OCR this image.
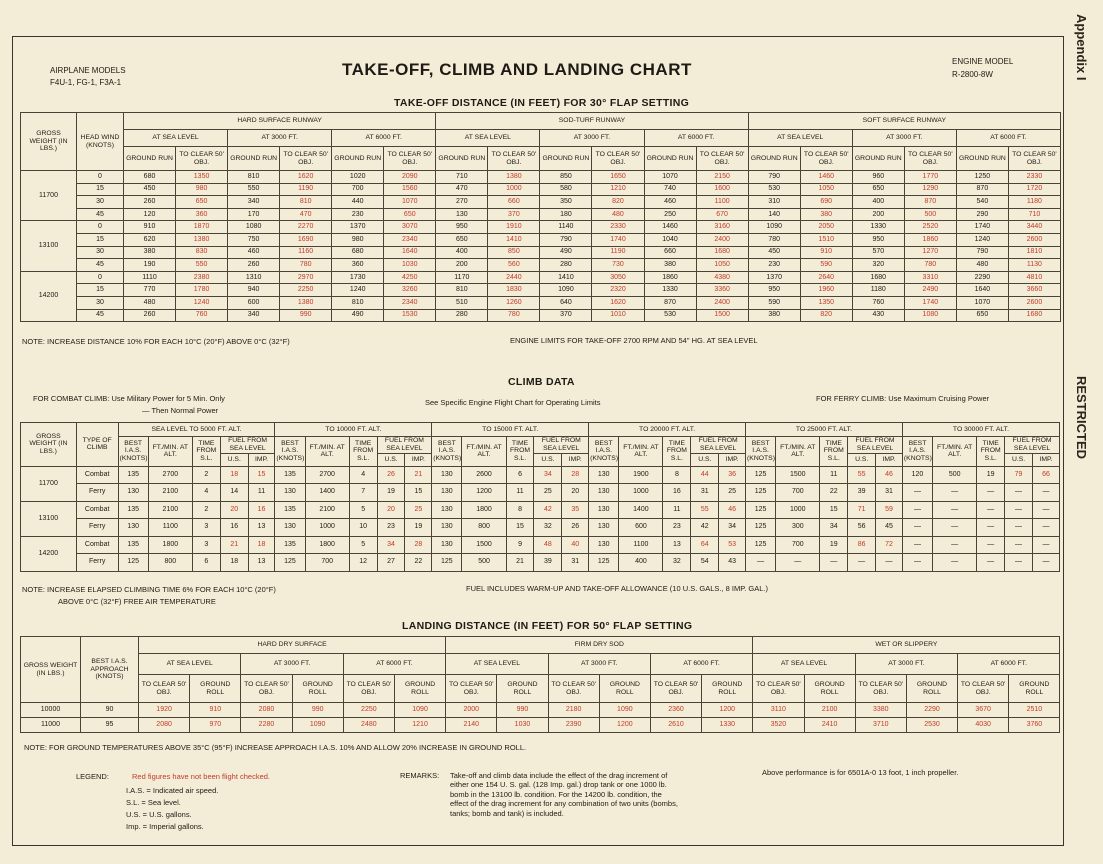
Appendix I
RESTRICTED
AIRPLANE MODELS
F4U-1, FG-1, F3A-1
TAKE-OFF, CLIMB AND LANDING CHART	ENGINE MODEL
R-2800-8W
TAKE-OFF DISTANCE (IN FEET) FOR 30° FLAP SETTING
GROSS WEIGHT (IN LBS.)	HEAD WIND (KNOTS)	HARD SURFACE RUNWAY						SOD-TURF RUNWAY						SOFT SURFACE RUNWAY					
		AT SEA LEVEL		AT 3000 FT.		AT 6000 FT.		AT SEA LEVEL		AT 3000 FT.		AT 6000 FT.		AT SEA LEVEL		AT 3000 FT.		AT 6000 FT.	
		GROUND RUN	TO CLEAR 50' OBJ.	GROUND RUN	TO CLEAR 50' OBJ.	GROUND RUN	TO CLEAR 50' OBJ.	GROUND RUN	TO CLEAR 50' OBJ.	GROUND RUN	TO CLEAR 50' OBJ.	GROUND RUN	TO CLEAR 50' OBJ.	GROUND RUN	TO CLEAR 50' OBJ.	GROUND RUN	TO CLEAR 50' OBJ.	GROUND RUN	TO CLEAR 50' OBJ.
11700	0	680	1350	810	1620	1020	2090	710	1380	850	1650	1070	2150	790	1460	960	1770	1250	2330
	15	450	980	550	1190	700	1560	470	1000	580	1210	740	1600	530	1050	650	1290	870	1720
	30	260	650	340	810	440	1070	270	660	350	820	460	1100	310	690	400	870	540	1180
	45	120	360	170	470	230	650	130	370	180	480	250	670	140	380	200	500	290	710
13100	0	910	1870	1080	2270	1370	3070	950	1910	1140	2330	1460	3160	1090	2050	1330	2520	1740	3440
	15	620	1380	750	1690	980	2340	650	1410	790	1740	1040	2400	780	1510	950	1860	1240	2600
	30	380	830	460	1160	680	1640	400	850	490	1190	660	1680	450	910	570	1270	790	1810
	45	190	550	260	780	360	1030	200	560	280	730	380	1050	230	590	320	780	480	1130
14200	0	1110	2380	1310	2970	1730	4250	1170	2440	1410	3050	1860	4380	1370	2640	1680	3310	2290	4810
	15	770	1780	940	2250	1240	3260	810	1830	1090	2320	1330	3360	950	1960	1180	2490	1640	3660
	30	480	1240	600	1380	810	2340	510	1260	640	1620	870	2400	590	1350	760	1740	1070	2600
	45	260	760	340	990	490	1530	280	780	370	1010	530	1500	380	820	430	1080	650	1680
NOTE: INCREASE DISTANCE 10% FOR EACH 10°C (20°F) ABOVE 0°C (32°F)	ENGINE LIMITS FOR TAKE-OFF 2700 RPM AND 54" HG. AT SEA LEVEL
CLIMB DATA
FOR COMBAT CLIMB: Use Military Power for 5 Min. Only
— Then Normal Power
See Specific Engine Flight Chart for Operating Limits	FOR FERRY CLIMB: Use Maximum Cruising Power
GROSS WEIGHT (IN LBS.)	TYPE OF CLIMB	SEA LEVEL TO 5000 FT. ALT.					TO 10000 FT. ALT.					TO 15000 FT. ALT.					TO 20000 FT. ALT.					TO 25000 FT. ALT.					TO 30000 FT. ALT.				
		BEST I.A.S. (KNOTS)	FT./MIN. AT ALT.	TIME FROM S.L.	FUEL FROM SEA LEVEL		BEST I.A.S. (KNOTS)	FT./MIN. AT ALT.	TIME FROM S.L.	FUEL FROM SEA LEVEL		BEST I.A.S. (KNOTS)	FT./MIN. AT ALT.	TIME FROM S.L.	FUEL FROM SEA LEVEL		BEST I.A.S. (KNOTS)	FT./MIN. AT ALT.	TIME FROM S.L.	FUEL FROM SEA LEVEL		BEST I.A.S. (KNOTS)	FT./MIN. AT ALT.	TIME FROM S.L.	FUEL FROM SEA LEVEL		BEST I.A.S. (KNOTS)	FT./MIN. AT ALT.	TIME FROM S.L.	FUEL FROM SEA LEVEL	
					U.S.	IMP.				U.S.	IMP.				U.S.	IMP.				U.S.	IMP.				U.S.	IMP.				U.S.	IMP.
11700	Combat	135	2700	2	18	15	135	2700	4	26	21	130	2600	6	34	28	130	1900	8	44	36	125	1500	11	55	46	120	500	19	79	66
	Ferry	130	2100	4	14	11	130	1400	7	19	15	130	1200	11	25	20	130	1000	16	31	25	125	700	22	39	31	—	—	—	—	—
13100	Combat	135	2100	2	20	16	135	2100	5	20	25	130	1800	8	42	35	130	1400	11	55	46	125	1000	15	71	59	—	—	—	—	—
	Ferry	130	1100	3	16	13	130	1000	10	23	19	130	800	15	32	26	130	600	23	42	34	125	300	34	56	45	—	—	—	—	—
14200	Combat	135	1800	3	21	18	135	1800	5	34	28	130	1500	9	48	40	130	1100	13	64	53	125	700	19	86	72	—	—	—	—	—
	Ferry	125	800	6	18	13	125	700	12	27	22	125	500	21	39	31	125	400	32	54	43	—	—	—	—	—	—	—	—	—	—
NOTE: INCREASE ELAPSED CLIMBING TIME 6% FOR EACH 10°C (20°F)
ABOVE 0°C (32°F) FREE AIR TEMPERATURE
FUEL INCLUDES WARM-UP AND TAKE-OFF ALLOWANCE (10 U.S. GALS., 8 IMP. GAL.)
LANDING DISTANCE (IN FEET) FOR 50° FLAP SETTING
GROSS WEIGHT (IN LBS.)	BEST I.A.S. APPROACH (KNOTS)	HARD DRY SURFACE						FIRM DRY SOD						WET OR SLIPPERY					
		AT SEA LEVEL		AT 3000 FT.		AT 6000 FT.		AT SEA LEVEL		AT 3000 FT.		AT 6000 FT.		AT SEA LEVEL		AT 3000 FT.		AT 6000 FT.	
		TO CLEAR 50' OBJ.	GROUND ROLL	TO CLEAR 50' OBJ.	GROUND ROLL	TO CLEAR 50' OBJ.	GROUND ROLL	TO CLEAR 50' OBJ.	GROUND ROLL	TO CLEAR 50' OBJ.	GROUND ROLL	TO CLEAR 50' OBJ.	GROUND ROLL	TO CLEAR 50' OBJ.	GROUND ROLL	TO CLEAR 50' OBJ.	GROUND ROLL	TO CLEAR 50' OBJ.	GROUND ROLL
10000	90	1920	910	2080	990	2250	1090	2000	990	2180	1090	2360	1200	3110	2100	3380	2290	3670	2510
11000	95	2080	970	2280	1090	2480	1210	2140	1030	2390	1200	2610	1330	3520	2410	3710	2530	4030	3760
NOTE: FOR GROUND TEMPERATURES ABOVE 35°C (95°F) INCREASE APPROACH I.A.S. 10% AND ALLOW 20% INCREASE IN GROUND ROLL.
LEGEND:	Red figures have not been flight checked.
I.A.S. = Indicated air speed.
S.L. = Sea level.
U.S. = U.S. gallons.
Imp. = Imperial gallons.
REMARKS: Take-off and climb data include the effect of the drag increment of
either one 154 U. S. gal. (128 Imp. gal.) drop tank or one 1000 lb.
bomb in the 13100 lb. condition. For the 14200 lb. condition, the
effect of the drag increment for any combination of two units (bombs,
tanks; bomb and tank) is included.
Above performance is for 6501A-0 13 foot, 1 inch propeller.
